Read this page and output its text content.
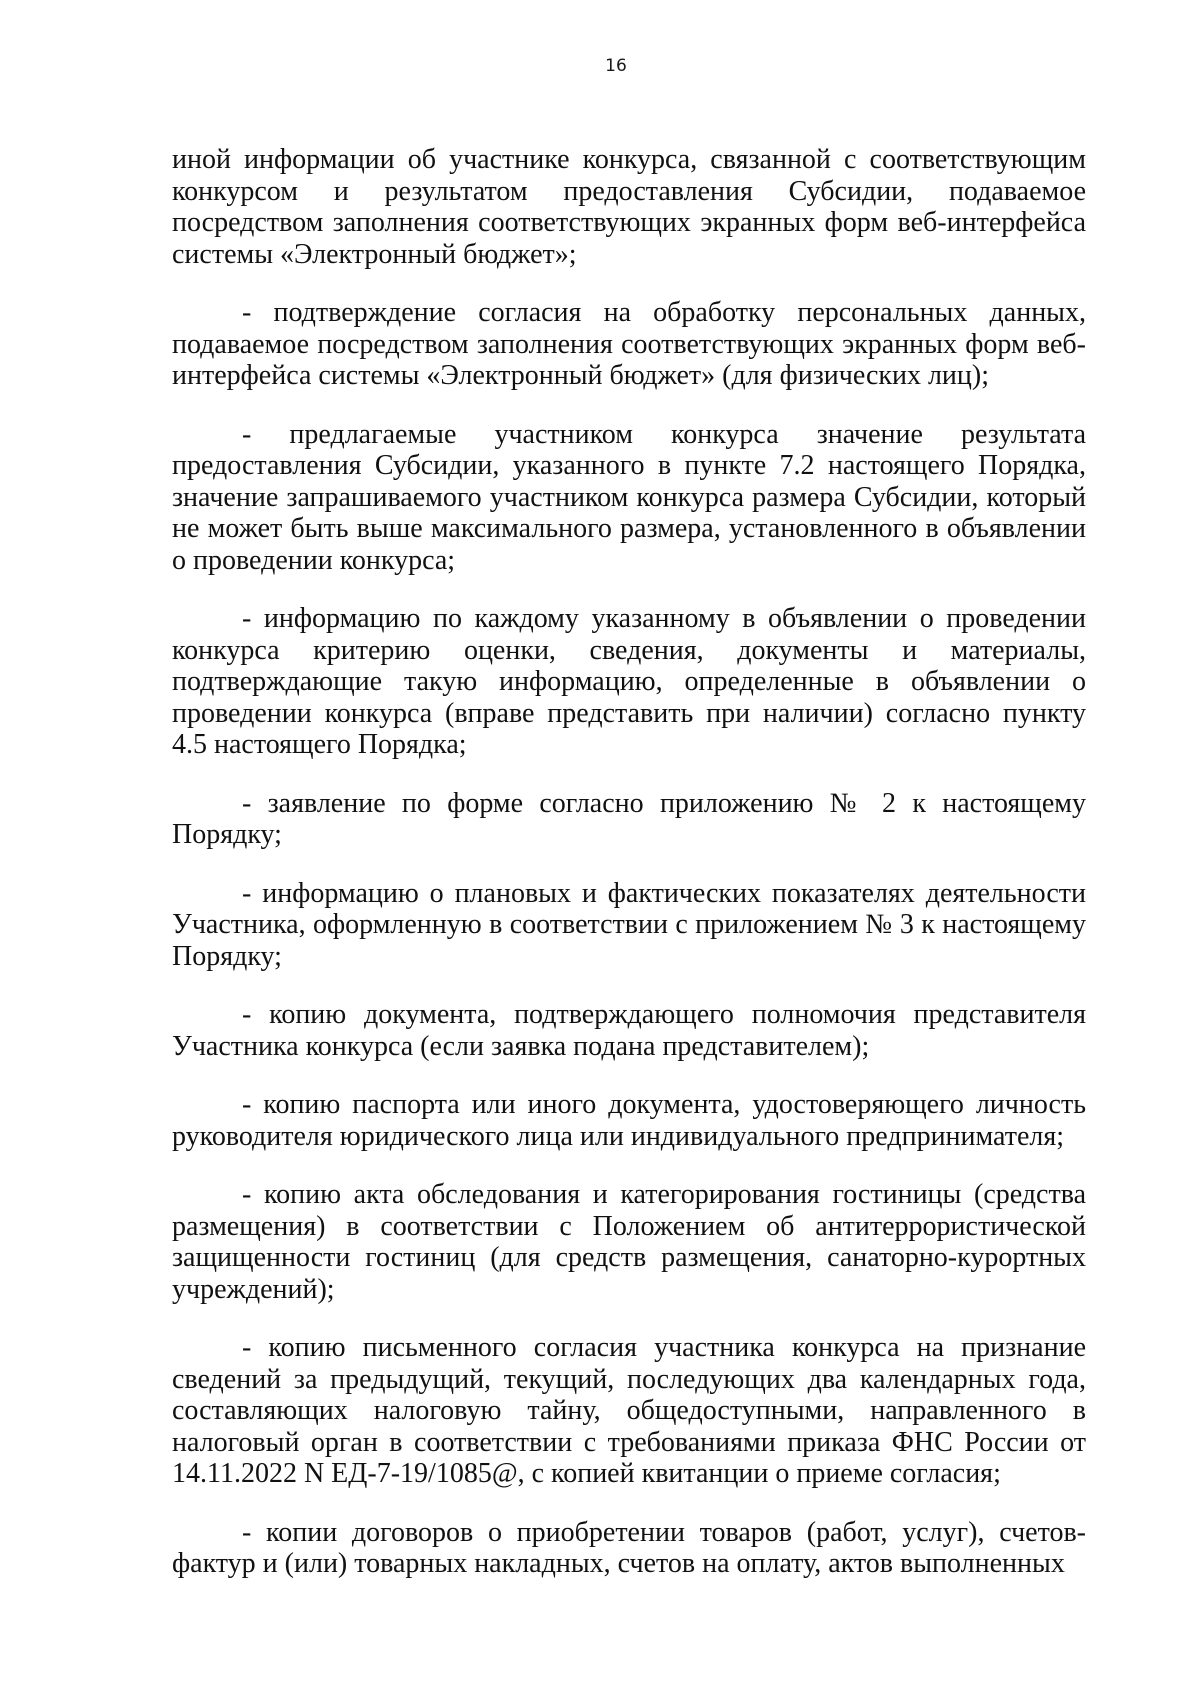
16

иной информации об участнике конкурса, связанной с соответствующим конкурсом и результатом предоставления Субсидии, подаваемое посредством заполнения соответствующих экранных форм веб-интерфейса системы «Электронный бюджет»;

- подтверждение согласия на обработку персональных данных, подаваемое посредством заполнения соответствующих экранных форм веб-интерфейса системы «Электронный бюджет» (для физических лиц);

- предлагаемые участником конкурса значение результата предоставления Субсидии, указанного в пункте 7.2 настоящего Порядка, значение запрашиваемого участником конкурса размера Субсидии, который не может быть выше максимального размера, установленного в объявлении о проведении конкурса;

- информацию по каждому указанному в объявлении о проведении конкурса критерию оценки, сведения, документы и материалы, подтверждающие такую информацию, определенные в объявлении о проведении конкурса (вправе представить при наличии) согласно пункту 4.5 настоящего Порядка;

- заявление по форме согласно приложению № 2 к настоящему Порядку;

- информацию о плановых и фактических показателях деятельности Участника, оформленную в соответствии с приложением № 3 к настоящему Порядку;

- копию документа, подтверждающего полномочия представителя Участника конкурса (если заявка подана представителем);

- копию паспорта или иного документа, удостоверяющего личность руководителя юридического лица или индивидуального предпринимателя;

- копию акта обследования и категорирования гостиницы (средства размещения) в соответствии с Положением об антитеррористической защищенности гостиниц (для средств размещения, санаторно-курортных учреждений);

- копию письменного согласия участника конкурса на признание сведений за предыдущий, текущий, последующих два календарных года, составляющих налоговую тайну, общедоступными, направленного в налоговый орган в соответствии с требованиями приказа ФНС России от 14.11.2022 N ЕД-7-19/1085@, с копией квитанции о приеме согласия;

- копии договоров о приобретении товаров (работ, услуг), счетов-фактур и (или) товарных накладных, счетов на оплату, актов выполненных
